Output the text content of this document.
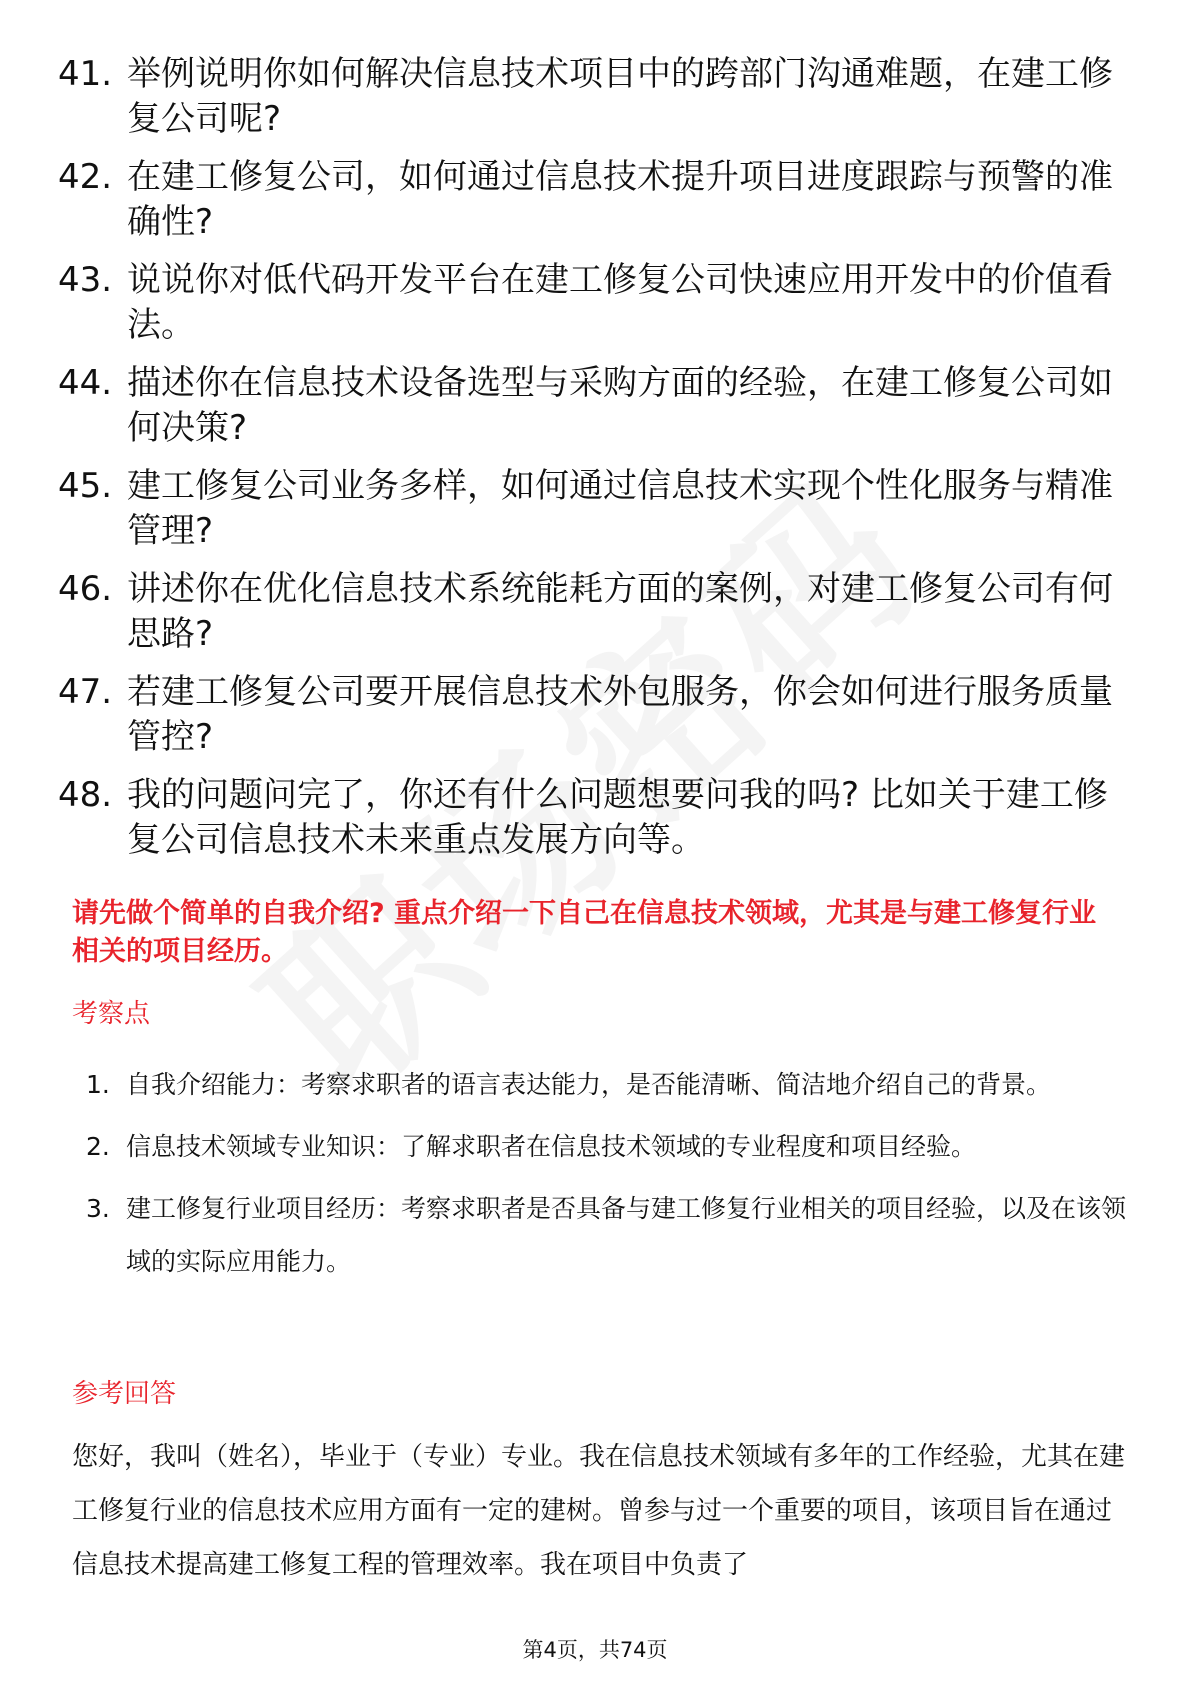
41. 举例说明你如何解决信息技术项目中的跨部门沟通难题，在建工修复公司呢?
42. 在建工修复公司，如何通过信息技术提升项目进度跟踪与预警的准确性?
43. 说说你对低代码开发平台在建工修复公司快速应用开发中的价值看法。
44. 描述你在信息技术设备选型与采购方面的经验，在建工修复公司如何决策?
45. 建工修复公司业务多样，如何通过信息技术实现个性化服务与精准管理?
46. 讲述你在优化信息技术系统能耗方面的案例，对建工修复公司有何思路?
47. 若建工修复公司要开展信息技术外包服务，你会如何进行服务质量管控?
48. 我的问题问完了，你还有什么问题想要问我的吗? 比如关于建工修复公司信息技术未来重点发展方向等。

请先做个简单的自我介绍? 重点介绍一下自己在信息技术领域，尤其是与建工修复行业相关的项目经历。

考察点
1. 自我介绍能力：考察求职者的语言表达能力，是否能清晰、简洁地介绍自己的背景。
2. 信息技术领域专业知识：了解求职者在信息技术领域的专业程度和项目经验。
3. 建工修复行业项目经历：考察求职者是否具备与建工修复行业相关的项目经验，以及在该领域的实际应用能力。
参考回答

您好，我叫（姓名），毕业于（专业）专业。我在信息技术领域有多年的工作经验，尤其在建工修复行业的信息技术应用方面有一定的建树。曾参与过一个重要的项目，该项目旨在通过信息技术提高建工修复工程的管理效率。我在项目中负责了

第4页，共74页
